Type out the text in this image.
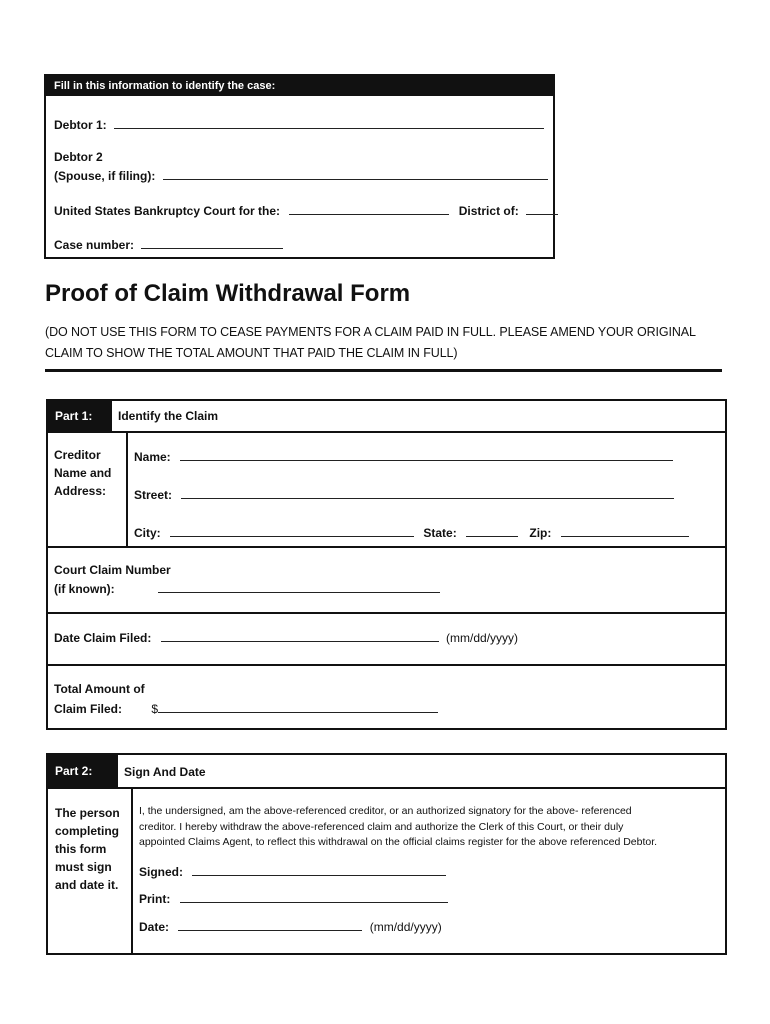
Fill in this information to identify the case:
Debtor 1:
Debtor 2
(Spouse, if filing):
United States Bankruptcy Court for the:	District of:
Case number:
Proof of Claim Withdrawal Form
(DO NOT USE THIS FORM TO CEASE PAYMENTS FOR A CLAIM PAID IN FULL. PLEASE AMEND YOUR ORIGINAL CLAIM TO SHOW THE TOTAL AMOUNT THAT PAID THE CLAIM IN FULL)
Part 1:	Identify the Claim
Creditor
Name and
Address:
Name:
Street:
City:	State:	Zip:
Court Claim Number
(if known):
Date Claim Filed:	(mm/dd/yyyy)
Total Amount of
Claim Filed: $
Part 2:	Sign And Date
The person
completing
this form
must sign
and date it.
I, the undersigned, am the above-referenced creditor, or an authorized signatory for the above- referenced
creditor. I hereby withdraw the above-referenced claim and authorize the Clerk of this Court, or their duly
appointed Claims Agent, to reflect this withdrawal on the official claims register for the above referenced Debtor.
Signed:
Print:
Date:	(mm/dd/yyyy)
